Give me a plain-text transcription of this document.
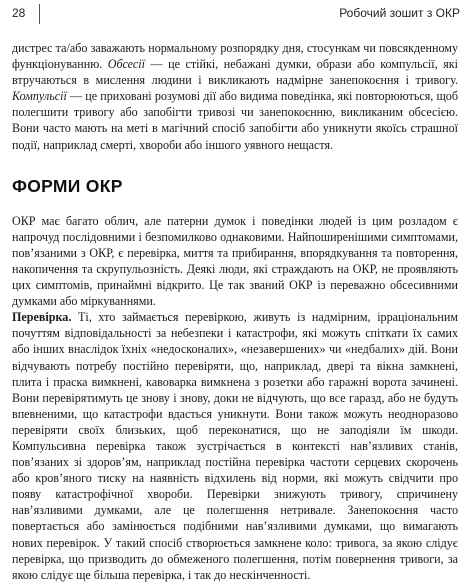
28	Робочий зошит з ОКР

дистрес та/або заважають нормальному розпорядку дня, стосункам чи повсякденному функціонуванню. Обсесії — це стійкі, небажані думки, образи або компульсії, які втручаються в мислення людини і викликають надмірне занепокоєння і тривогу. Компульсії — це приховані розумові дії або видима поведінка, які повторюються, щоб полегшити тривогу або запобігти тривозі чи занепокоєнню, викликаним обсесією. Вони часто мають на меті в магічний спосіб запобігти або уникнути якоїсь страшної події, наприклад смерті, хвороби або іншого уявного нещастя.

ФОРМИ ОКР

ОКР має багато облич, але патерни думок і поведінки людей із цим розладом є напрочуд послідовними і безпомилково однаковими. Найпоширенішими симптомами, пов’язаними з ОКР, є перевірка, миття та прибирання, впорядкування та повторення, накопичення та скрупульозність. Деякі люди, які страждають на ОКР, не проявляють цих симптомів, принаймні відкрито. Це так званий ОКР із переважно обсесивними думками або міркуваннями.

Перевірка. Ті, хто займається перевіркою, живуть із надмірним, ірраціональним почуттям відповідальності за небезпеки і катастрофи, які можуть спіткати їх самих або інших внаслідок їхніх «недосконалих», «незавершених» чи «недбалих» дій. Вони відчувають потребу постійно перевіряти, що, наприклад, двері та вікна замкнені, плита і праска вимкнені, кавоварка вимкнена з розетки або гаражні ворота зачинені. Вони перевірятимуть це знову і знову, доки не відчують, що все гаразд, або не будуть впевненими, що катастрофи вдасться уникнути. Вони також можуть неодноразово перевіряти своїх близьких, щоб переконатися, що не заподіяли їм шкоди. Компульсивна перевірка також зустрічається в контексті нав’язливих станів, пов’язаних зі здоров’ям, наприклад постійна перевірка частоти серцевих скорочень або кров’яного тиску на наявність відхилень від норми, які можуть свідчити про появу катастрофічної хвороби. Перевірки знижують тривогу, спричинену нав’язливими думками, але це полегшення нетривале. Занепокоєння часто повертається або замінюється подібними нав’язливими думками, що вимагають нових перевірок. У такий спосіб створюється замкнене коло: тривога, за якою слідує перевірка, що призводить до обмеженого полегшення, потім повернення тривоги, за якою слідує ще більша перевірка, і так до нескінченності.
